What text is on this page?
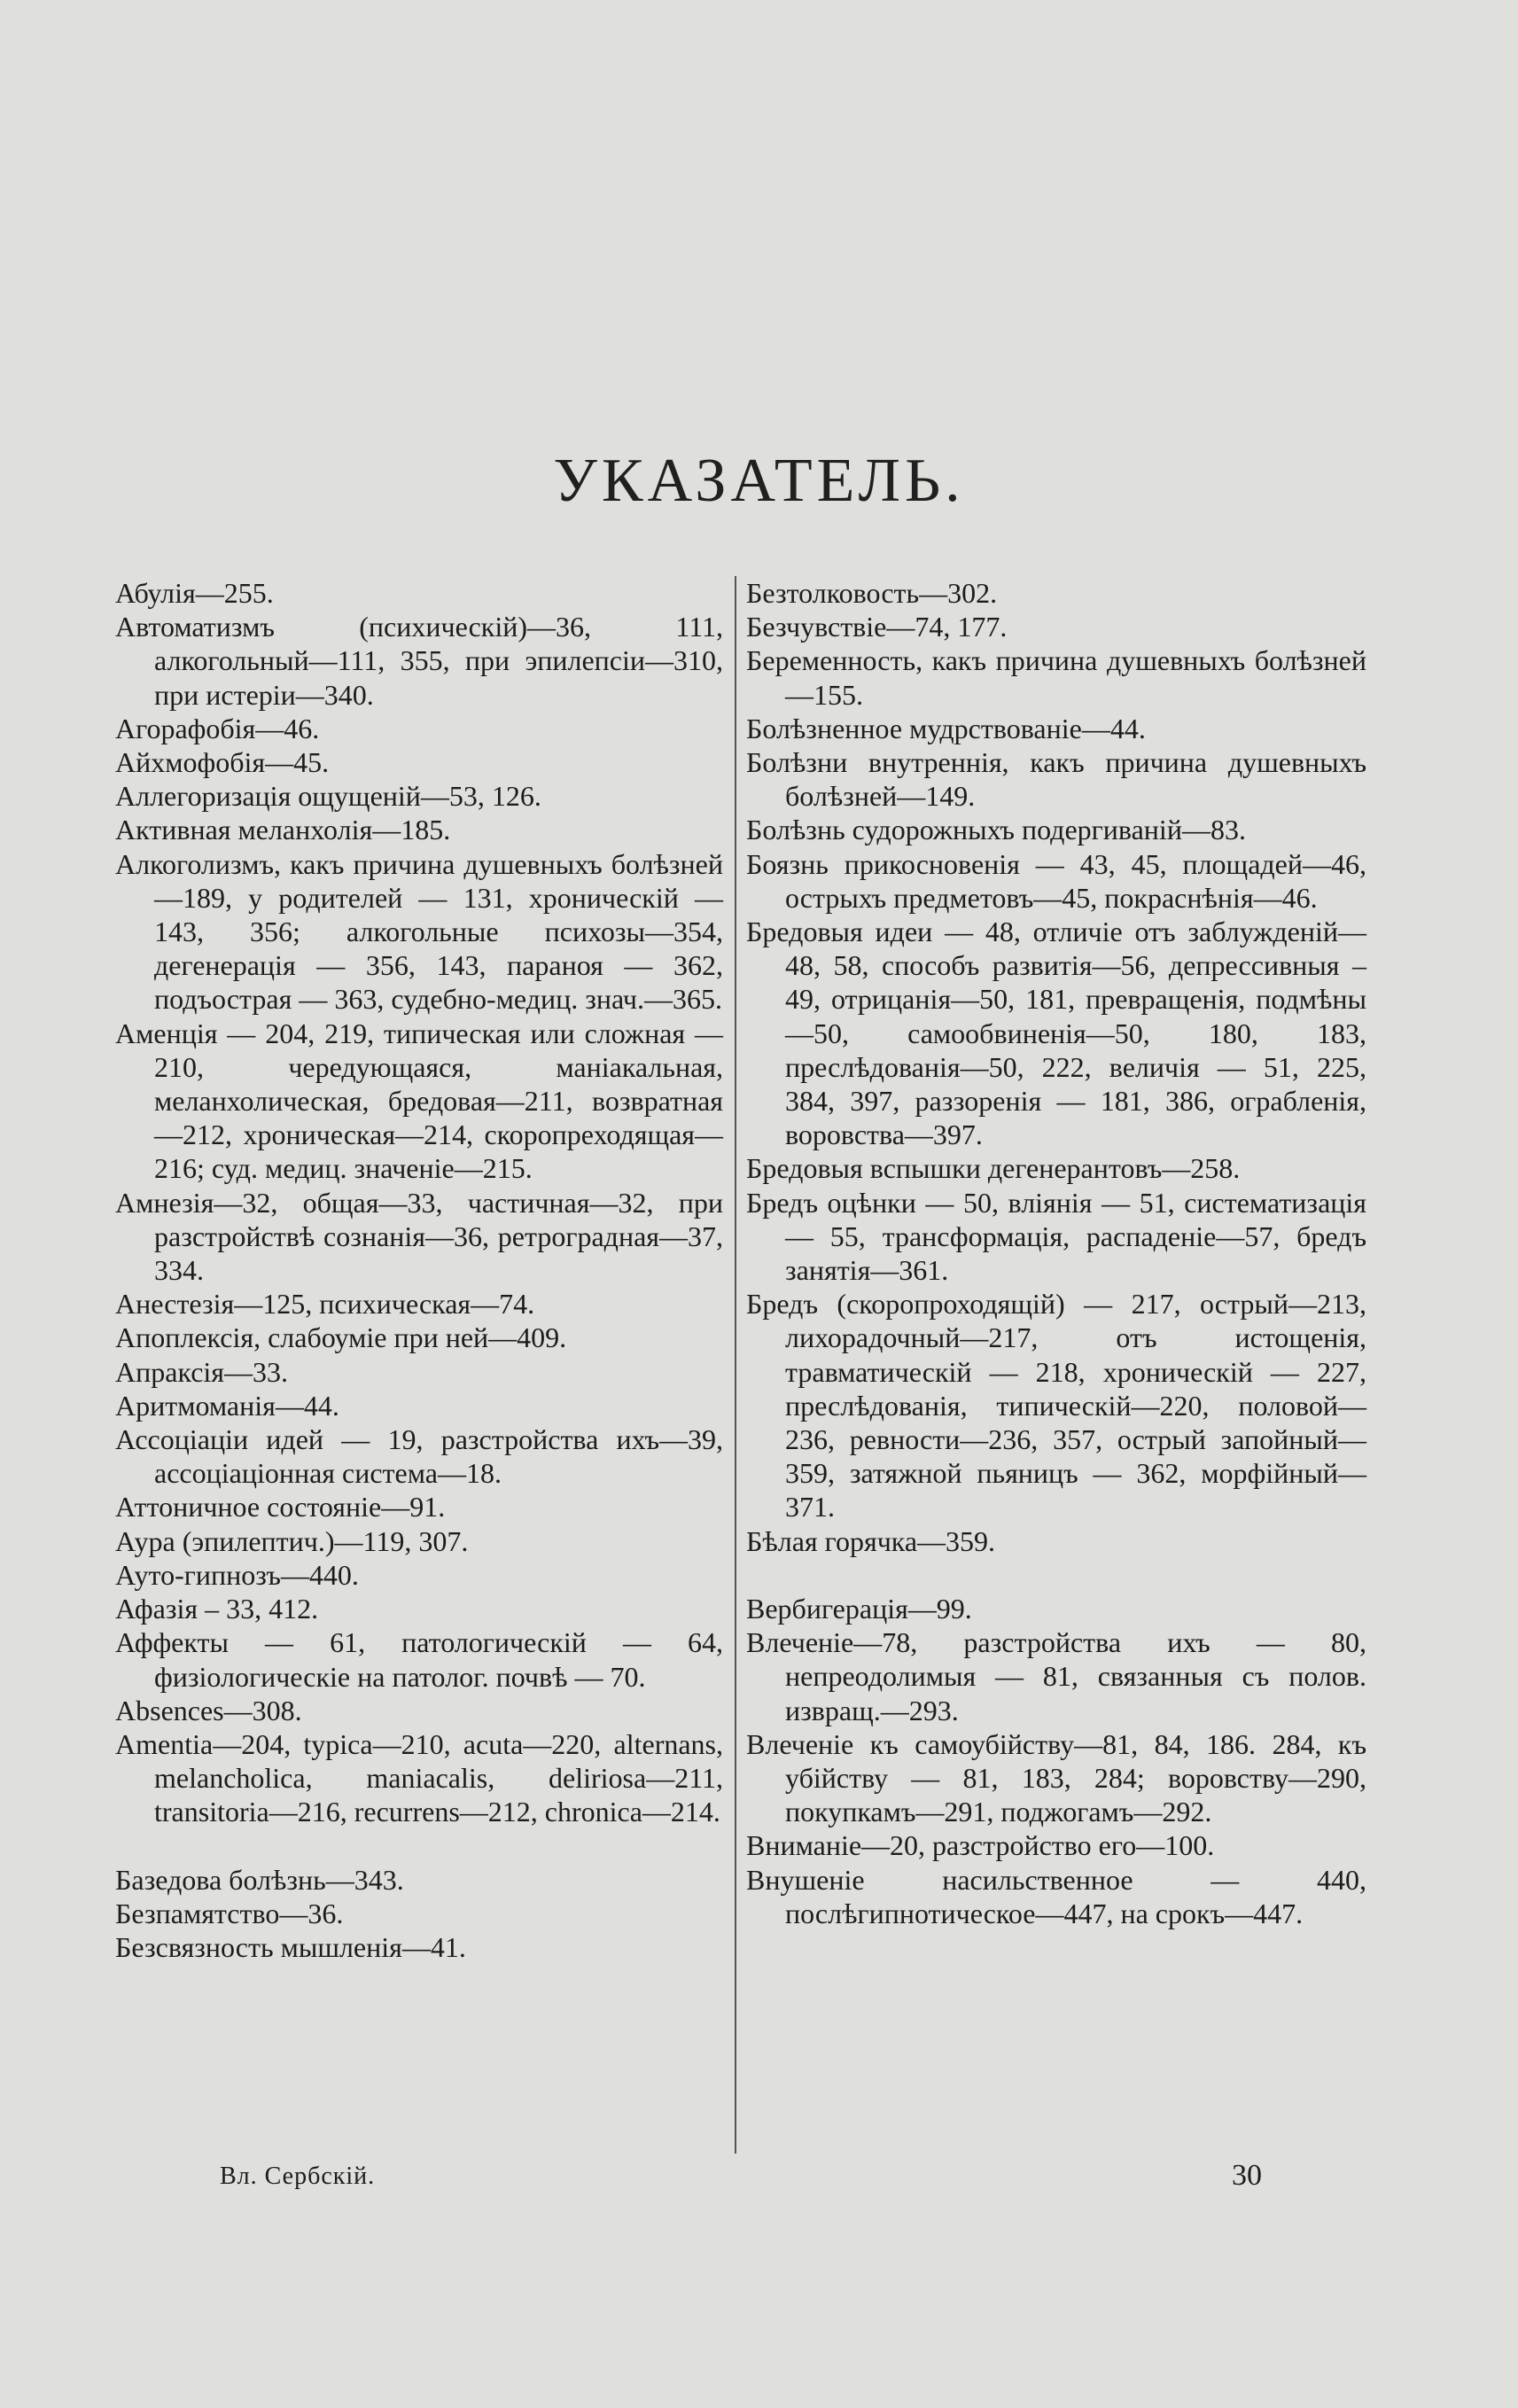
УКАЗАТЕЛЬ.
Абулія—255.
Автоматизмъ (психическій)—36, 111, алкогольный—111, 355, при эпилепсіи—310, при истеріи—340.
Агорафобія—46.
Айхмофобія—45.
Аллегоризація ощущеній—53, 126.
Активная меланхолія—185.
Алкоголизмъ, какъ причина душевныхъ болѣзней—189, у родителей — 131, хроническій — 143, 356; алкогольные психозы—354, дегенерація — 356, 143, параноя — 362, подъострая — 363, судебно-медиц. знач.—365.
Аменція — 204, 219, типическая или сложная — 210, чередующаяся, маніакальная, меланхолическая, бредовая—211, возвратная—212, хроническая—214, скоропреходящая—216; суд. медиц. значеніе—215.
Амнезія—32, общая—33, частичная—32, при разстройствѣ сознанія—36, ретроградная—37, 334.
Анестезія—125, психическая—74.
Апоплексія, слабоуміе при ней—409.
Апраксія—33.
Аритмоманія—44.
Ассоціаціи идей — 19, разстройства ихъ—39, ассоціаціонная система—18.
Аттоничное состояніе—91.
Аура (эпилептич.)—119, 307.
Ауто-гипнозъ—440.
Афазія – 33, 412.
Аффекты — 61, патологическій — 64, физіологическіе на патолог. почвѣ — 70.
Absences—308.
Amentia—204, typica—210, acuta—220, alternans, melancholica, maniacalis, deliriosa—211, transitoria—216, recurrens—212, chronica—214.
Базедова болѣзнь—343.
Безпамятство—36.
Безсвязность мышленія—41.
Безтолковость—302.
Безчувствіе—74, 177.
Беременность, какъ причина душевныхъ болѣзней—155.
Болѣзненное мудрствованіе—44.
Болѣзни внутреннія, какъ причина душевныхъ болѣзней—149.
Болѣзнь судорожныхъ подергиваній—83.
Боязнь прикосновенія — 43, 45, площадей—46, острыхъ предметовъ—45, покраснѣнія—46.
Бредовыя идеи — 48, отличіе отъ заблужденій—48, 58, способъ развитія—56, депрессивныя – 49, отрицанія—50, 181, превращенія, подмѣны—50, самообвиненія—50, 180, 183, преслѣдованія—50, 222, величія — 51, 225, 384, 397, раззоренія — 181, 386, ограбленія, воровства—397.
Бредовыя вспышки дегенерантовъ—258.
Бредъ оцѣнки — 50, вліянія — 51, систематизація — 55, трансформація, распаденіе—57, бредъ занятія—361.
Бредъ (скоропроходящій) — 217, острый—213, лихорадочный—217, отъ истощенія, травматическій — 218, хроническій — 227, преслѣдованія, типическій—220, половой—236, ревности—236, 357, острый запойный—359, затяжной пьяницъ — 362, морфійный—371.
Бѣлая горячка—359.
Вербигерація—99.
Влеченіе—78, разстройства ихъ — 80, непреодолимыя — 81, связанныя съ полов. извращ.—293.
Влеченіе къ самоубійству—81, 84, 186. 284, къ убійству — 81, 183, 284; воровству—290, покупкамъ—291, поджогамъ—292.
Вниманіе—20, разстройство его—100.
Внушеніе насильственное — 440, послѣгипнотическое—447, на срокъ—447.
Вл. Сербскій.	30
